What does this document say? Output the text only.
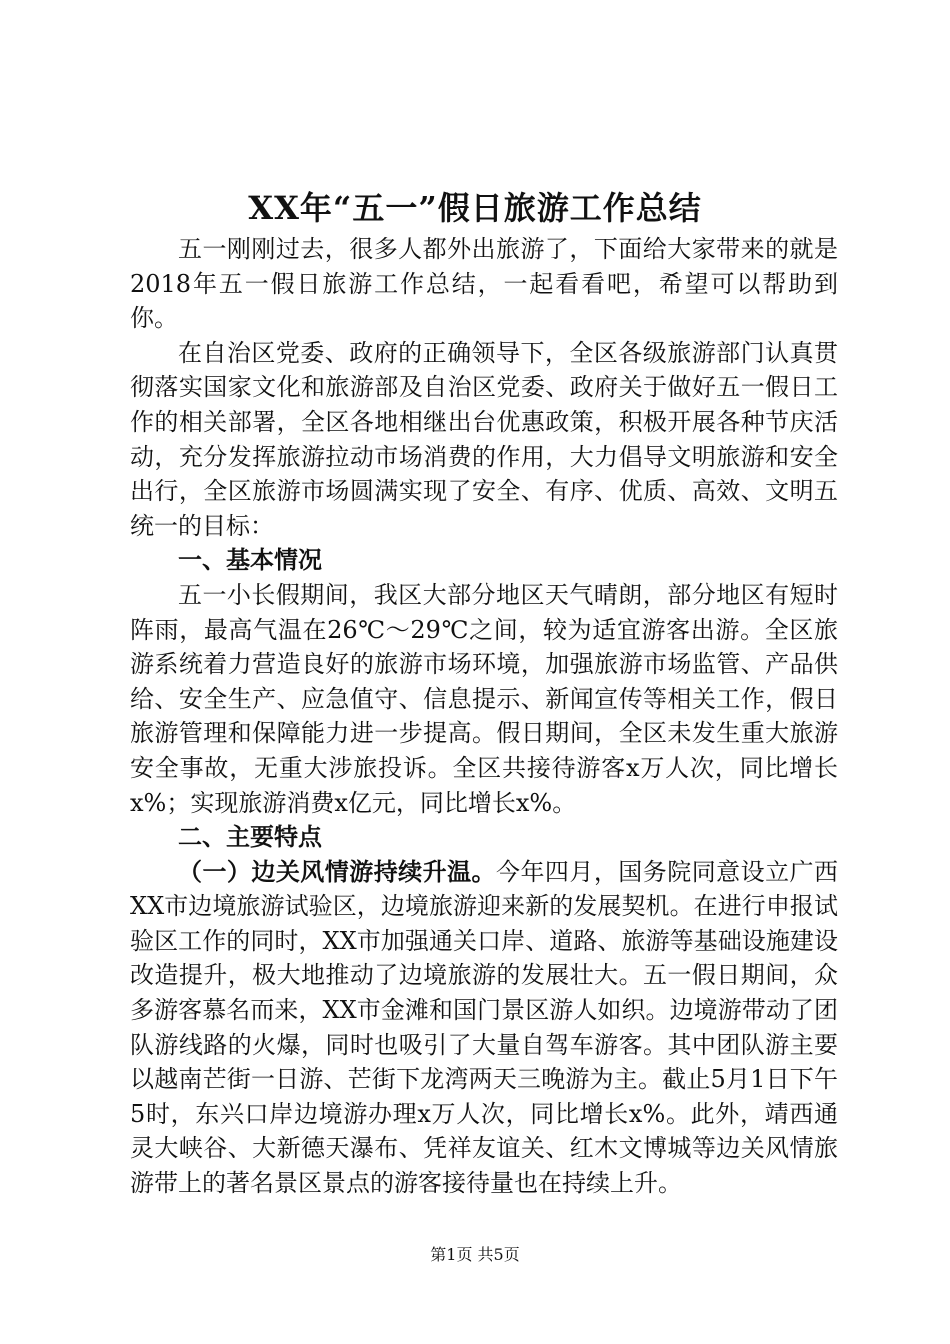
XX年“五一”假日旅游工作总结

五一刚刚过去，很多人都外出旅游了，下面给大家带来的就是2018年五一假日旅游工作总结，一起看看吧，希望可以帮助到你。

在自治区党委、政府的正确领导下，全区各级旅游部门认真贯彻落实国家文化和旅游部及自治区党委、政府关于做好五一假日工作的相关部署，全区各地相继出台优惠政策，积极开展各种节庆活动，充分发挥旅游拉动市场消费的作用，大力倡导文明旅游和安全出行，全区旅游市场圆满实现了安全、有序、优质、高效、文明五统一的目标：

一、基本情况

五一小长假期间，我区大部分地区天气晴朗，部分地区有短时阵雨，最高气温在26℃～29℃之间，较为适宜游客出游。全区旅游系统着力营造良好的旅游市场环境，加强旅游市场监管、产品供给、安全生产、应急值守、信息提示、新闻宣传等相关工作，假日旅游管理和保障能力进一步提高。假日期间，全区未发生重大旅游安全事故，无重大涉旅投诉。全区共接待游客x万人次，同比增长x%；实现旅游消费x亿元，同比增长x%。

二、主要特点

（一）边关风情游持续升温。今年四月，国务院同意设立广西XX市边境旅游试验区，边境旅游迎来新的发展契机。在进行申报试验区工作的同时，XX市加强通关口岸、道路、旅游等基础设施建设改造提升，极大地推动了边境旅游的发展壮大。五一假日期间，众多游客慕名而来，XX市金滩和国门景区游人如织。边境游带动了团队游线路的火爆，同时也吸引了大量自驾车游客。其中团队游主要以越南芒街一日游、芒街下龙湾两天三晚游为主。截止5月1日下午5时，东兴口岸边境游办理x万人次，同比增长x%。此外，靖西通灵大峡谷、大新德天瀑布、凭祥友谊关、红木文博城等边关风情旅游带上的著名景区景点的游客接待量也在持续上升。

第1页 共5页
